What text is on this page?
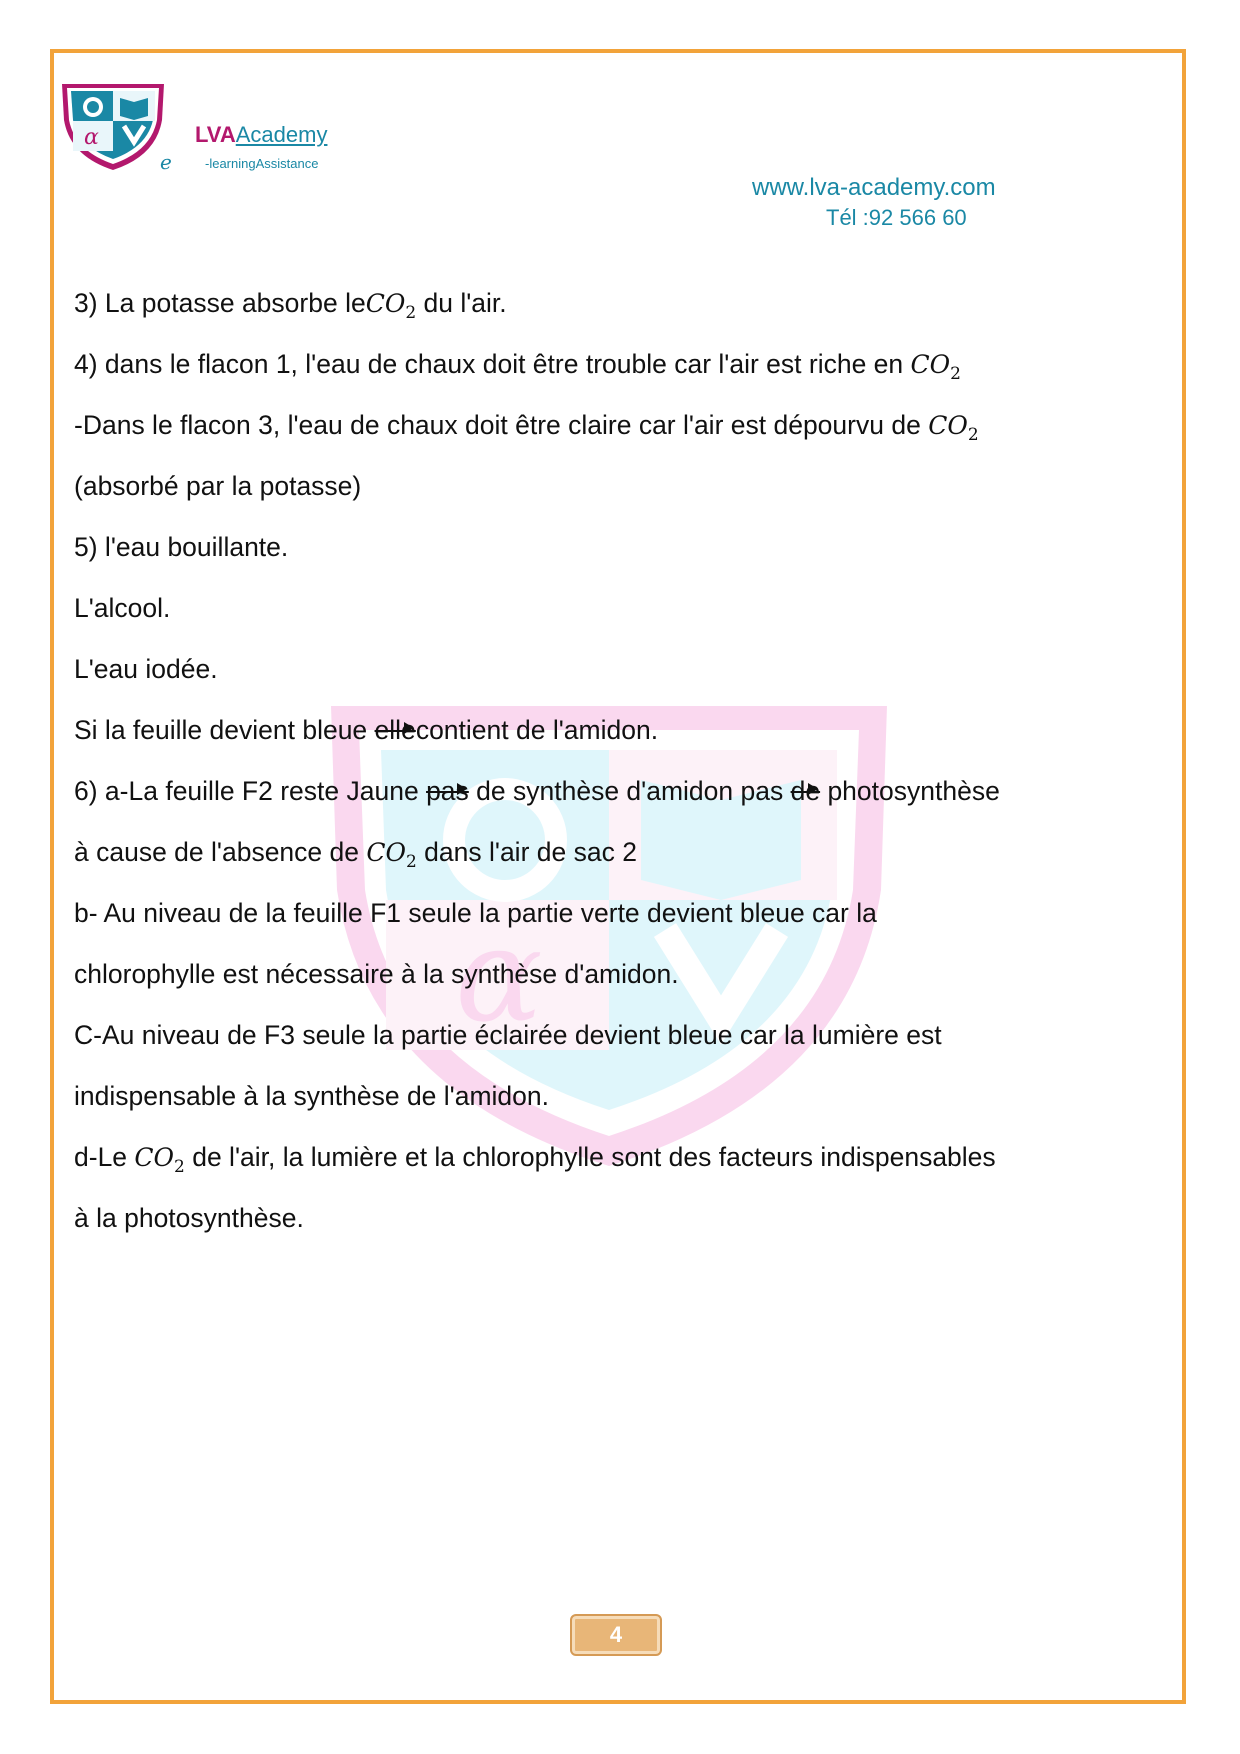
α	LVAAcademy
e	-learningAssistance
www.lva-academy.com
Tél :92 566 60
α
3) La potasse absorbe leCO$_2$ du l'air.
4) dans le flacon 1, l'eau de chaux doit être trouble car l'air est riche en $CO_2$
-Dans le flacon 3, l'eau de chaux doit être claire car l'air est dépourvu de $CO_2$
(absorbé par la potasse)
5) l'eau bouillante.
L'alcool.
L'eau iodée.
Si la feuille devient bleue ellecontient de l'amidon.
6) a-La feuille F2 reste Jaune pas de synthèse d'amidon pas de photosynthèse
à cause de l'absence de $CO_2$ dans l'air de sac 2
b- Au niveau de la feuille F1 seule la partie verte devient bleue car la
chlorophylle est nécessaire à la synthèse d'amidon.
C-Au niveau de F3 seule la partie éclairée devient bleue car la lumière est
indispensable à la synthèse de l'amidon.
d-Le $CO_2$ de l'air, la lumière et la chlorophylle sont des facteurs indispensables
à la photosynthèse.
4
